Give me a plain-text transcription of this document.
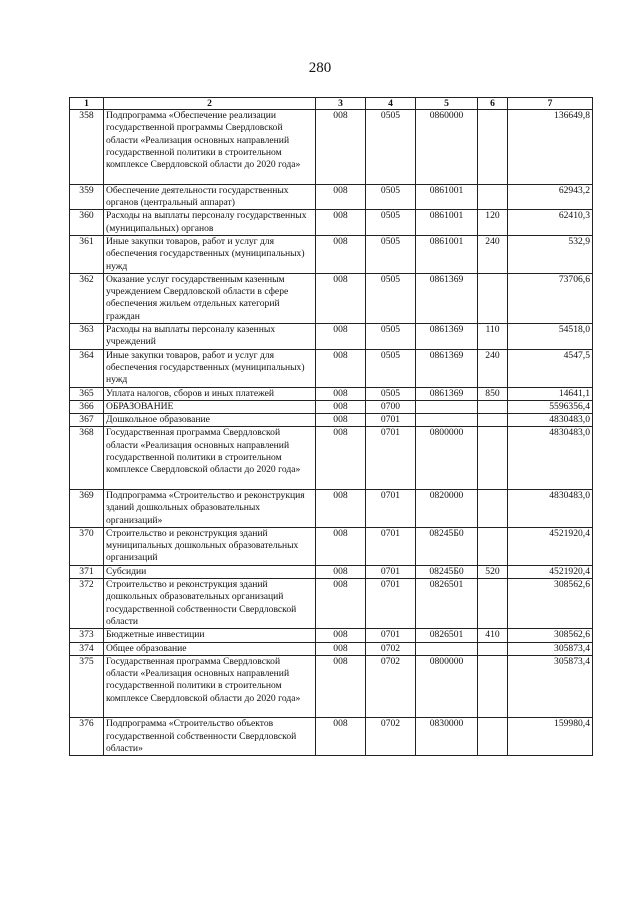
280
1	2	3	4	5	6	7
358	Подпрограмма «Обеспечение реализации государственной программы Свердловской области «Реализация основных направлений государственной политики в строительном комплексе Свердловской области до 2020 года»	008	0505	0860000		136649,8
359	Обеспечение деятельности государственных органов (центральный аппарат)	008	0505	0861001		62943,2
360	Расходы на выплаты персоналу государственных (муниципальных) органов	008	0505	0861001	120	62410,3
361	Иные закупки товаров, работ и услуг для обеспечения государственных (муниципальных) нужд	008	0505	0861001	240	532,9
362	Оказание услуг государственным казенным учреждением Свердловской области в сфере обеспечения жильем отдельных категорий граждан	008	0505	0861369		73706,6
363	Расходы на выплаты персоналу казенных учреждений	008	0505	0861369	110	54518,0
364	Иные закупки товаров, работ и услуг для обеспечения государственных (муниципальных) нужд	008	0505	0861369	240	4547,5
365	Уплата налогов, сборов и иных платежей	008	0505	0861369	850	14641,1
366	ОБРАЗОВАНИЕ	008	0700			5596356,4
367	Дошкольное образование	008	0701			4830483,0
368	Государственная программа Свердловской области «Реализация основных направлений государственной политики в строительном комплексе Свердловской области до 2020 года»	008	0701	0800000		4830483,0
369	Подпрограмма «Строительство и реконструкция зданий дошкольных образовательных организаций»	008	0701	0820000		4830483,0
370	Строительство и реконструкция зданий муниципальных дошкольных образовательных организаций	008	0701	08245Б0		4521920,4
371	Субсидии	008	0701	08245Б0	520	4521920,4
372	Строительство и реконструкция зданий дошкольных образовательных организаций государственной собственности Свердловской области	008	0701	0826501		308562,6
373	Бюджетные инвестиции	008	0701	0826501	410	308562,6
374	Общее образование	008	0702			305873,4
375	Государственная программа Свердловской области «Реализация основных направлений государственной политики в строительном комплексе Свердловской области до 2020 года»	008	0702	0800000		305873,4
376	Подпрограмма «Строительство объектов государственной собственности Свердловской области»	008	0702	0830000		159980,4
